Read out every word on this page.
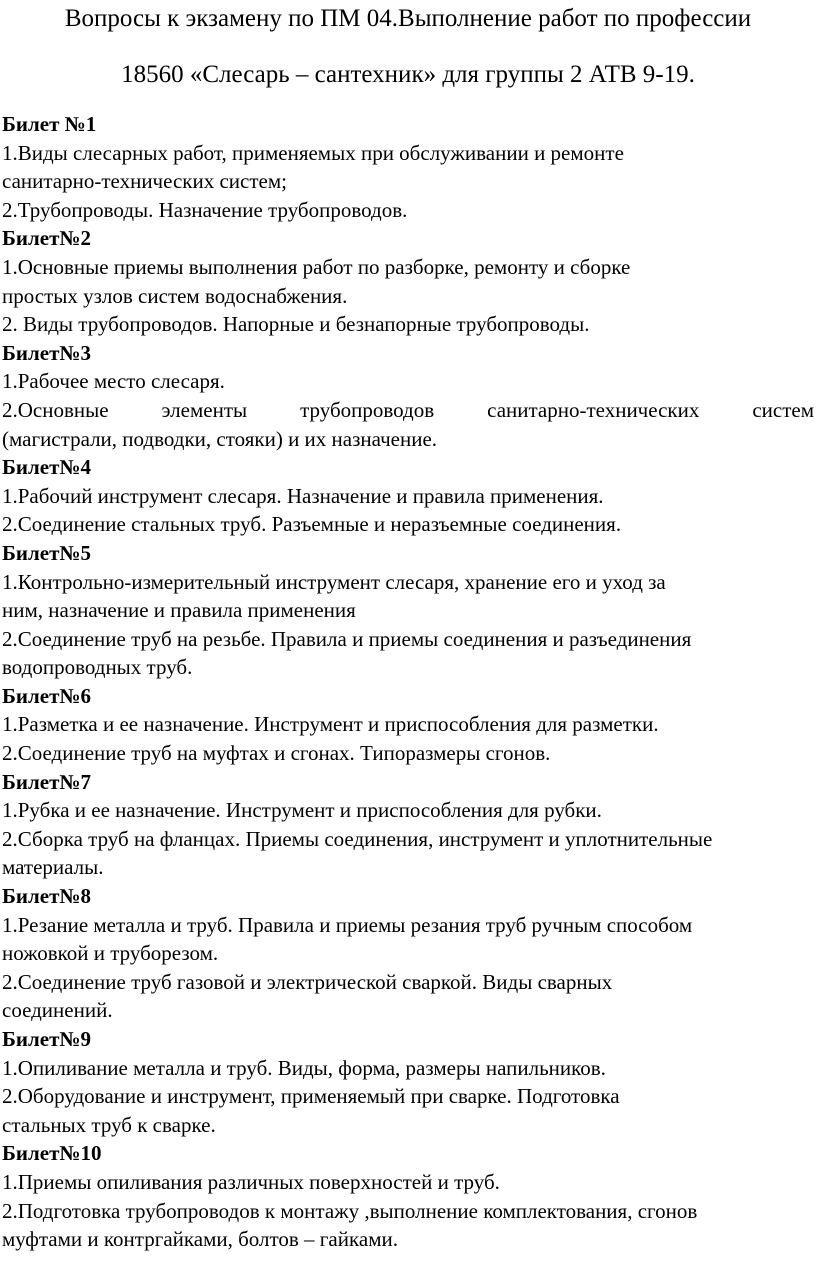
Вопросы к экзамену по ПМ 04.Выполнение работ по профессии
18560 «Слесарь – сантехник» для группы 2 АТВ 9-19.
Билет №1
1.Виды слесарных работ, применяемых при обслуживании и ремонте
санитарно-технических систем;
2.Трубопроводы. Назначение трубопроводов.
Билет№2
1.Основные приемы выполнения работ по разборке, ремонту и сборке
простых узлов систем водоснабжения.
2. Виды трубопроводов. Напорные и безнапорные трубопроводы.
Билет№3
1.Рабочее место слесаря.
2.Основные элементы трубопроводов санитарно-технических систем
(магистрали, подводки, стояки) и их назначение.
Билет№4
1.Рабочий инструмент слесаря. Назначение и правила применения.
2.Соединение стальных труб. Разъемные и неразъемные соединения.
Билет№5
1.Контрольно-измерительный инструмент слесаря, хранение его и уход за
ним, назначение и правила применения
2.Соединение труб на резьбе. Правила и приемы соединения и разъединения
водопроводных труб.
Билет№6
1.Разметка и ее назначение. Инструмент и приспособления для разметки.
2.Соединение труб на муфтах и сгонах. Типоразмеры сгонов.
Билет№7
1.Рубка и ее назначение. Инструмент и приспособления для рубки.
2.Сборка труб на фланцах. Приемы соединения, инструмент и уплотнительные
материалы.
Билет№8
1.Резание металла и труб. Правила и приемы резания труб ручным способом
ножовкой и труборезом.
2.Соединение труб газовой и электрической сваркой. Виды сварных
соединений.
Билет№9
1.Опиливание металла и труб. Виды, форма, размеры напильников.
2.Оборудование и инструмент, применяемый при сварке. Подготовка
стальных труб к сварке.
Билет№10
1.Приемы опиливания различных поверхностей и труб.
2.Подготовка трубопроводов к монтажу ,выполнение комплектования, сгонов
муфтами и контргайками, болтов – гайками.
